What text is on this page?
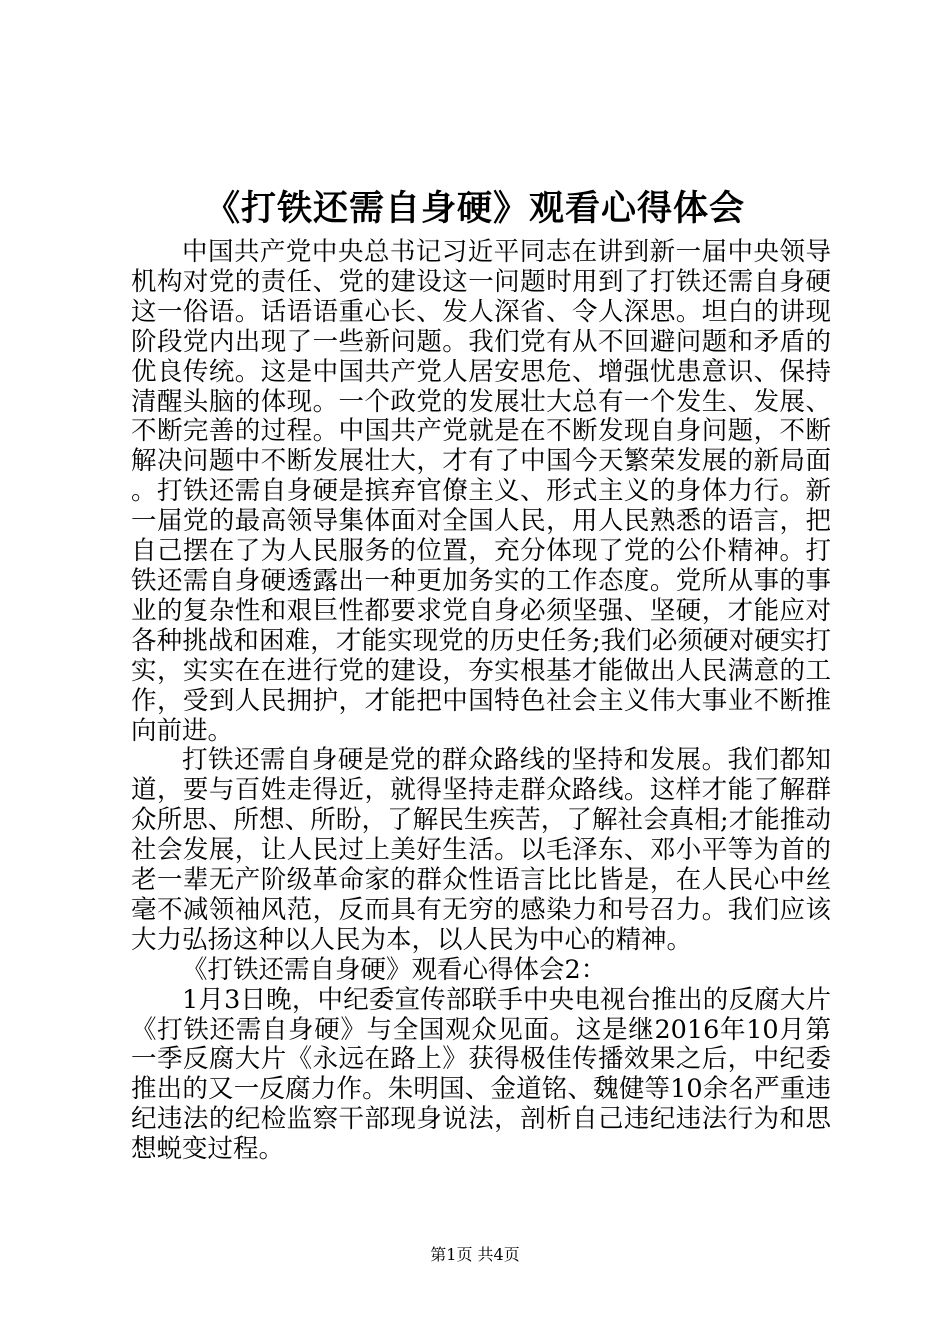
《打铁还需自身硬》观看心得体会

中国共产党中央总书记习近平同志在讲到新一届中央领导机构对党的责任、党的建设这一问题时用到了打铁还需自身硬这一俗语。话语语重心长、发人深省、令人深思。坦白的讲现阶段党内出现了一些新问题。我们党有从不回避问题和矛盾的优良传统。这是中国共产党人居安思危、增强忧患意识、保持清醒头脑的体现。一个政党的发展壮大总有一个发生、发展、不断完善的过程。中国共产党就是在不断发现自身问题，不断解决问题中不断发展壮大，才有了中国今天繁荣发展的新局面。打铁还需自身硬是摈弃官僚主义、形式主义的身体力行。新一届党的最高领导集体面对全国人民，用人民熟悉的语言，把自己摆在了为人民服务的位置，充分体现了党的公仆精神。打铁还需自身硬透露出一种更加务实的工作态度。党所从事的事业的复杂性和艰巨性都要求党自身必须坚强、坚硬，才能应对各种挑战和困难，才能实现党的历史任务;我们必须硬对硬实打实，实实在在进行党的建设，夯实根基才能做出人民满意的工作，受到人民拥护，才能把中国特色社会主义伟大事业不断推向前进。

打铁还需自身硬是党的群众路线的坚持和发展。我们都知道，要与百姓走得近，就得坚持走群众路线。这样才能了解群众所思、所想、所盼，了解民生疾苦，了解社会真相;才能推动社会发展，让人民过上美好生活。以毛泽东、邓小平等为首的老一辈无产阶级革命家的群众性语言比比皆是，在人民心中丝毫不减领袖风范，反而具有无穷的感染力和号召力。我们应该大力弘扬这种以人民为本，以人民为中心的精神。

《打铁还需自身硬》观看心得体会2：

1月3日晚，中纪委宣传部联手中央电视台推出的反腐大片《打铁还需自身硬》与全国观众见面。这是继2016年10月第一季反腐大片《永远在路上》获得极佳传播效果之后，中纪委推出的又一反腐力作。朱明国、金道铭、魏健等10余名严重违纪违法的纪检监察干部现身说法，剖析自己违纪违法行为和思想蜕变过程。

第1页 共4页
